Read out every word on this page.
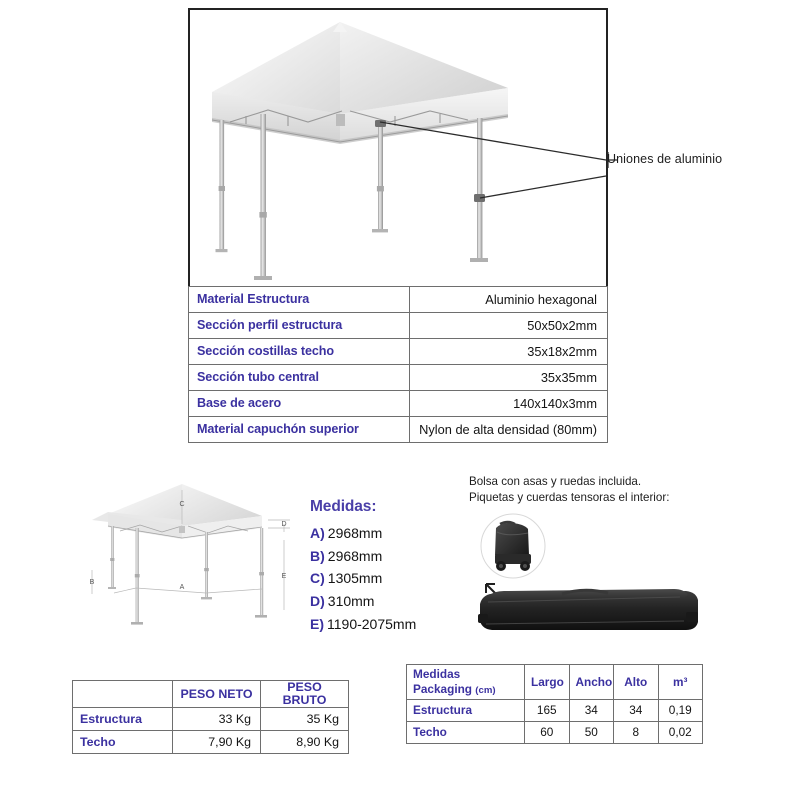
Uniones de aluminio
Material Estructura	Aluminio hexagonal
Sección perfil estructura	50x50x2mm
Sección costillas techo	35x18x2mm
Sección tubo central	35x35mm
Base de acero	140x140x3mm
Material capuchón superior	Nylon de alta densidad (80mm)
A
B
C
D
E
Medidas:
A) 2968mm
B) 2968mm
C) 1305mm
D) 310mm
E) 1190-2075mm
Bolsa con asas y ruedas incluida.
Piquetas y cuerdas tensoras el interior:
	PESO NETO	PESO BRUTO
Estructura	33 Kg	35 Kg
Techo	7,90 Kg	8,90 Kg
Medidas
Packaging (cm)	Largo	Ancho	Alto	m³
Estructura	165	34	34	0,19
Techo	60	50	8	0,02
